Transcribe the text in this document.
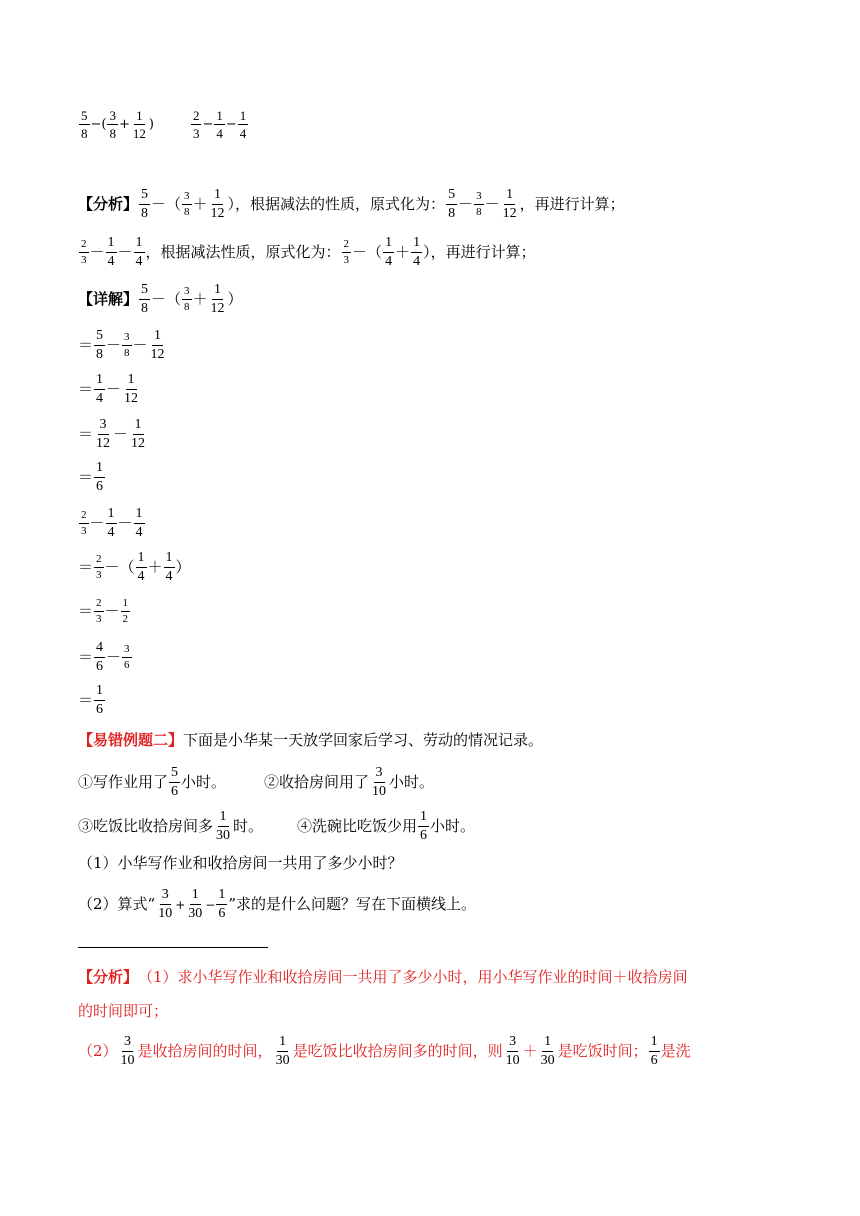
$\frac{5}{8}$ −( $\frac{3}{8} + \frac{1}{12}$ )	$\frac{2}{3} - \frac{1}{4} - \frac{1}{4}$
【分析】 $\frac{5}{8}$ －（ $\frac{3}{8} + \frac{1}{12}$ ），根据减法的性质，原式化为： $\frac{5}{8} - \frac{3}{8} - \frac{1}{12}$ ，再进行计算；
$\frac{2}{3} - \frac{1}{4} - \frac{1}{4}$ ，根据减法性质，原式化为： $\frac{2}{3}$ －（ $\frac{1}{4} + \frac{1}{4}$ ），再进行计算；
【详解】 $\frac{5}{8}$ －（ $\frac{3}{8} + \frac{1}{12}$ ）
＝ $\frac{5}{8} - \frac{3}{8} - \frac{1}{12}$
＝ $\frac{1}{4} - \frac{1}{12}$
＝ $\frac{3}{12} - \frac{1}{12}$
＝ $\frac{1}{6}$
$\frac{2}{3} - \frac{1}{4} - \frac{1}{4}$
＝ $\frac{2}{3}$ －（ $\frac{1}{4} + \frac{1}{4}$ ）
＝ $\frac{2}{3} - \frac{1}{2}$
＝ $\frac{4}{6} - \frac{3}{6}$
＝ $\frac{1}{6}$
【易错例题二】 下面是小华某一天放学回家后学习、劳动的情况记录。
①写作业用了 $\frac{5}{6}$ 小时。	②收拾房间用了 $\frac{3}{10}$ 小时。
③吃饭比收拾房间多 $\frac{1}{30}$ 时。 ④洗碗比吃饭少用 $\frac{1}{6}$ 小时。
（1）小华写作业和收拾房间一共用了多少小时？
（2）算式“ $\frac{3}{10} + \frac{1}{30} - \frac{1}{6}$ ”求的是什么问题？写在下面横线上。
【分析】 （1）求小华写作业和收拾房间一共用了多少小时，用小华写作业的时间＋收拾房间
的时间即可；
$(2) \frac{3}{10}$ 是收拾房间的时间， $\frac{1}{30}$ 是吃饭比收拾房间多的时间，则 $\frac{3}{10} + \frac{1}{30}$ 是吃饭时间； $\frac{1}{6}$ 是洗
